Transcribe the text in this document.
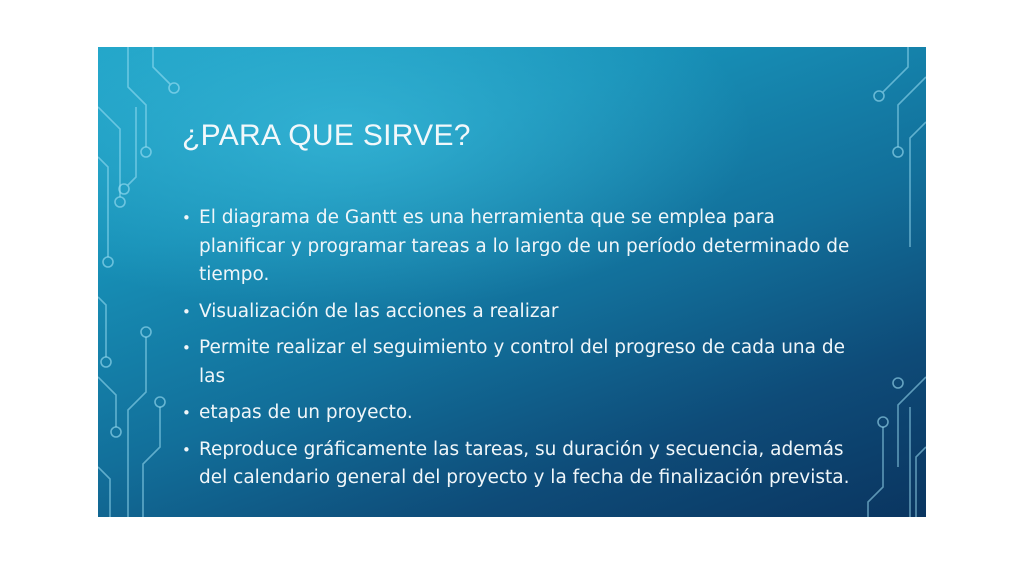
¿PARA QUE SIRVE?
• El diagrama de Gantt es una herramienta que se emplea para planificar y programar tareas a lo largo de un período determinado de tiempo.
• Visualización de las acciones a realizar
• Permite realizar el seguimiento y control del progreso de cada una de las
• etapas de un proyecto.
• Reproduce gráficamente las tareas, su duración y secuencia, además del calendario general del proyecto y la fecha de finalización prevista.
